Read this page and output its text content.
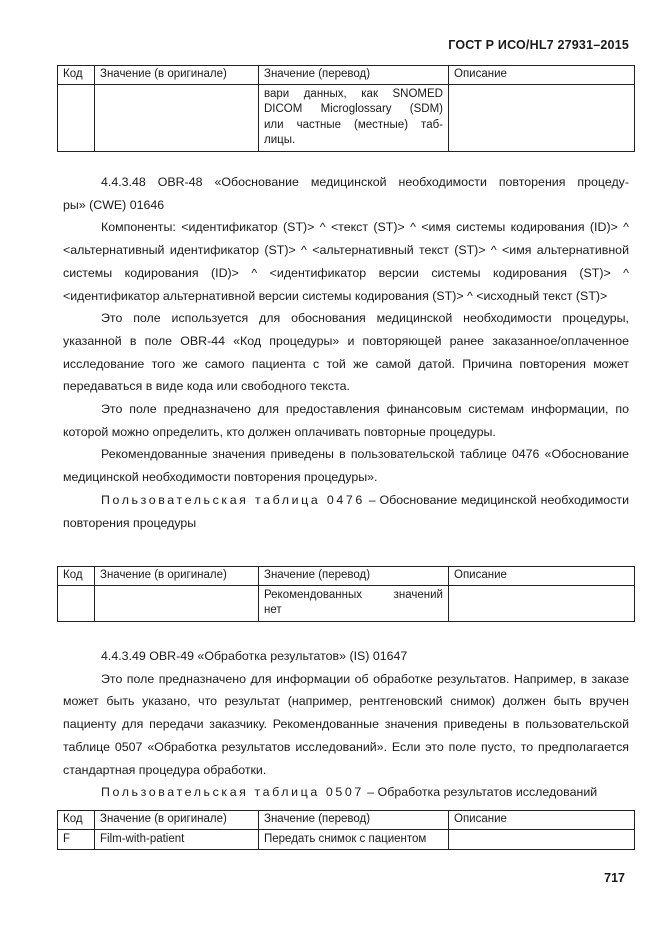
ГОСТ Р ИСО/HL7 27931–2015
Код	Значение (в оригинале)	Значение (перевод)	Описание

		вари данных, как SNOMED
DICOM Microglossary (SDM)
или частные (местные) таб-
лицы.	

4.4.3.48 OBR-48 «Обоснование медицинской необходимости повторения процеду-
ры» (CWE) 01646
Компоненты: <идентификатор (ST)> ^ <текст (ST)> ^ <имя системы кодирования (ID)> ^ <альтернативный идентификатор (ST)> ^ <альтернативный текст (ST)> ^ <имя альтернативной системы кодирования (ID)> ^ <идентификатор версии системы кодирования (ST)> ^ <идентификатор альтернативной версии системы кодирования (ST)> ^ <исходный текст (ST)>
Это поле используется для обоснования медицинской необходимости процедуры, указанной в поле OBR-44 «Код процедуры» и повторяющей ранее заказанное/оплаченное исследование того же самого пациента с той же самой датой. Причина повторения может передаваться в виде кода или свободного текста.
Это поле предназначено для предоставления финансовым системам информации, по которой можно определить, кто должен оплачивать повторные процедуры.
Рекомендованные значения приведены в пользовательской таблице 0476 «Обоснование медицинской необходимости повторения процедуры».
Пользовательская таблица 0476 – Обоснование медицинской необходимости повторения процедуры
Код	Значение (в оригинале)	Значение (перевод)	Описание

		Рекомендованных значений
нет	

4.4.3.49 OBR-49 «Обработка результатов» (IS) 01647
Это поле предназначено для информации об обработке результатов. Например, в заказе может быть указано, что результат (например, рентгеновский снимок) должен быть вручен пациенту для передачи заказчику. Рекомендованные значения приведены в пользовательской таблице 0507 «Обработка результатов исследований». Если это поле пусто, то предполагается стандартная процедура обработки.
Пользовательская таблица 0507 – Обработка результатов исследований
Код	Значение (в оригинале)	Значение (перевод)	Описание
F	Film-with-patient	Передать снимок с пациентом	
717
